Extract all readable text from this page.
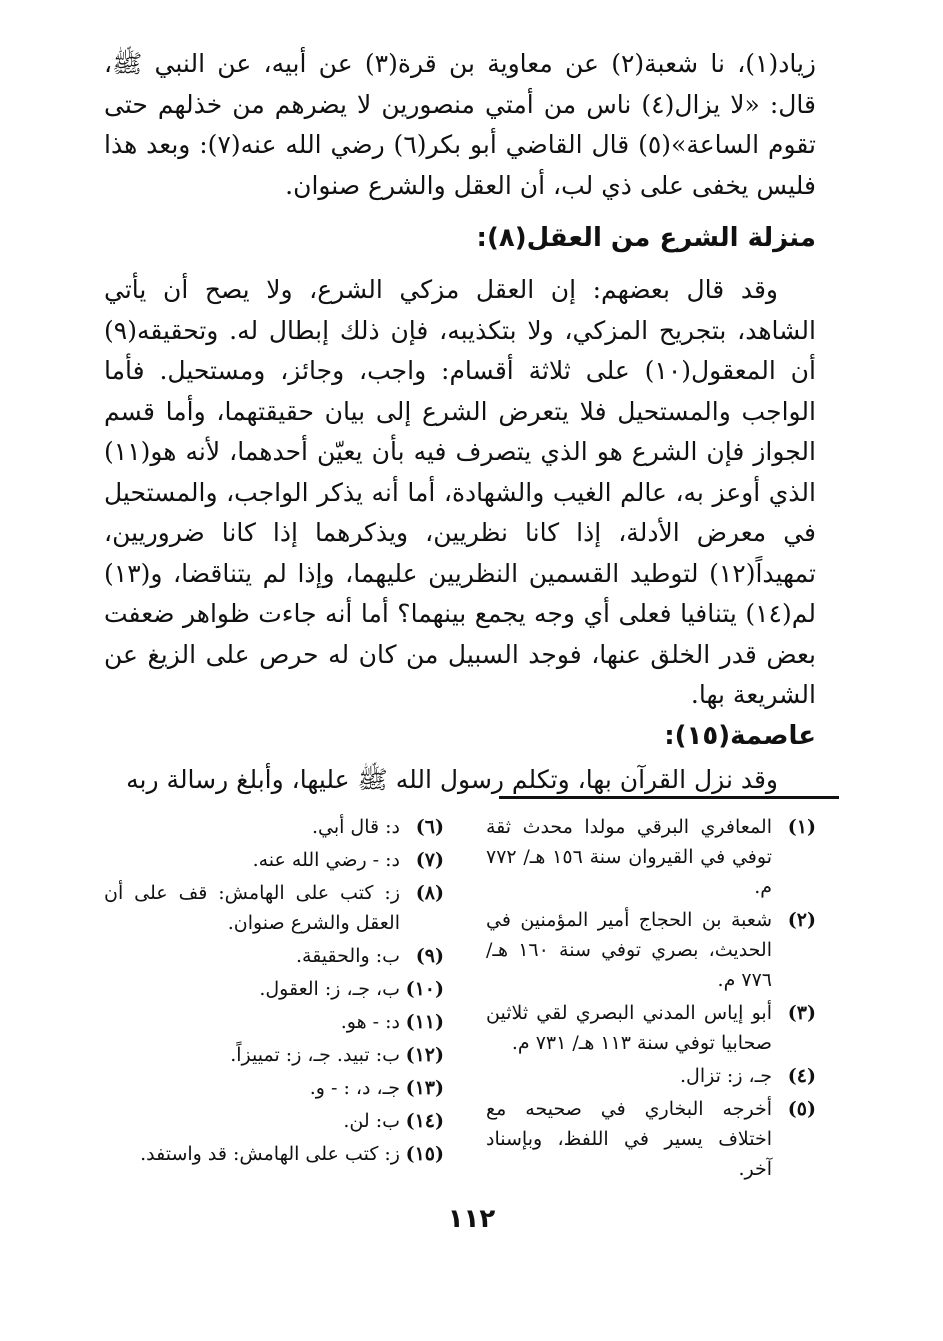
زياد(١)، نا شعبة(٢) عن معاوية بن قرة(٣) عن أبيه، عن النبي ﷺ، قال: «لا يزال(٤) ناس من أمتي منصورين لا يضرهم من خذلهم حتى تقوم الساعة»(٥) قال القاضي أبو بكر(٦) رضي الله عنه(٧): وبعد هذا فليس يخفى على ذي لب، أن العقل والشرع صنوان.

منزلة الشرع من العقل(٨):

وقد قال بعضهم: إن العقل مزكي الشرع، ولا يصح أن يأتي الشاهد، بتجريح المزكي، ولا بتكذيبه، فإن ذلك إبطال له. وتحقيقه(٩) أن المعقول(١٠) على ثلاثة أقسام: واجب، وجائز، ومستحيل. فأما الواجب والمستحيل فلا يتعرض الشرع إلى بيان حقيقتهما، وأما قسم الجواز فإن الشرع هو الذي يتصرف فيه بأن يعيّن أحدهما، لأنه هو(١١) الذي أوعز به، عالم الغيب والشهادة، أما أنه يذكر الواجب، والمستحيل في معرض الأدلة، إذا كانا نظريين، ويذكرهما إذا كانا ضروريين، تمهيداً(١٢) لتوطيد القسمين النظريين عليهما، وإذا لم يتناقضا، و(١٣) لم(١٤) يتنافيا فعلى أي وجه يجمع بينهما؟ أما أنه جاءت ظواهر ضعفت بعض قدر الخلق عنها، فوجد السبيل من كان له حرص على الزيغ عن الشريعة بها.

عاصمة(١٥):

وقد نزل القرآن بها، وتكلم رسول الله ﷺ عليها، وأبلغ رسالة ربه

(١)
المعافري البرقي مولدا محدث ثقة توفي في القيروان سنة ١٥٦ هـ/ ٧٧٢ م.
(٢)
شعبة بن الحجاج أمير المؤمنين في الحديث، بصري توفي سنة ١٦٠ هـ/ ٧٧٦ م.
(٣)
أبو إياس المدني البصري لقي ثلاثين صحابيا توفي سنة ١١٣ هـ/ ٧٣١ م.
(٤)
جـ، ز: تزال.
(٥)
أخرجه البخاري في صحيحه مع اختلاف يسير في اللفظ، وبإسناد آخر.
(٦)
د: قال أبي.
(٧)
د: - رضي الله عنه.
(٨)
ز: كتب على الهامش: قف على أن العقل والشرع صنوان.
(٩)
ب: والحقيقة.
(١٠)
ب، جـ، ز: العقول.
(١١)
د: - هو.
(١٢)
ب: تبيد. جـ، ز: تمييزاً.
(١٣)
جـ، د، : - و.
(١٤)
ب: لن.
(١٥)
ز: كتب على الهامش: قد واستفد.
١١٢
